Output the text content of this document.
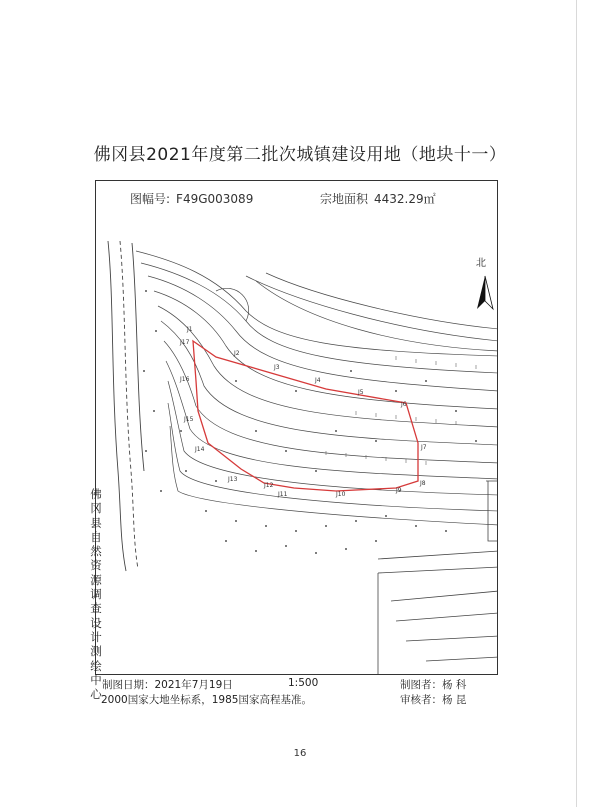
佛冈县2021年度第二批次城镇建设用地（地块十一）
图幅号: F49G003089	宗地面积 4432.29㎡
J17
J1
J2
J3
J4
J5
J6
J7
J8
J9
J10
J11
J12
J13
J14
J15
J16
北
佛
冈
县
自
然
资
源
调
查
设
计
测
绘
中
心
制图日期：2021年7月19日	1:500
2000国家大地坐标系，1985国家高程基准。
制图者：杨 科
审核者：杨 昆
16
